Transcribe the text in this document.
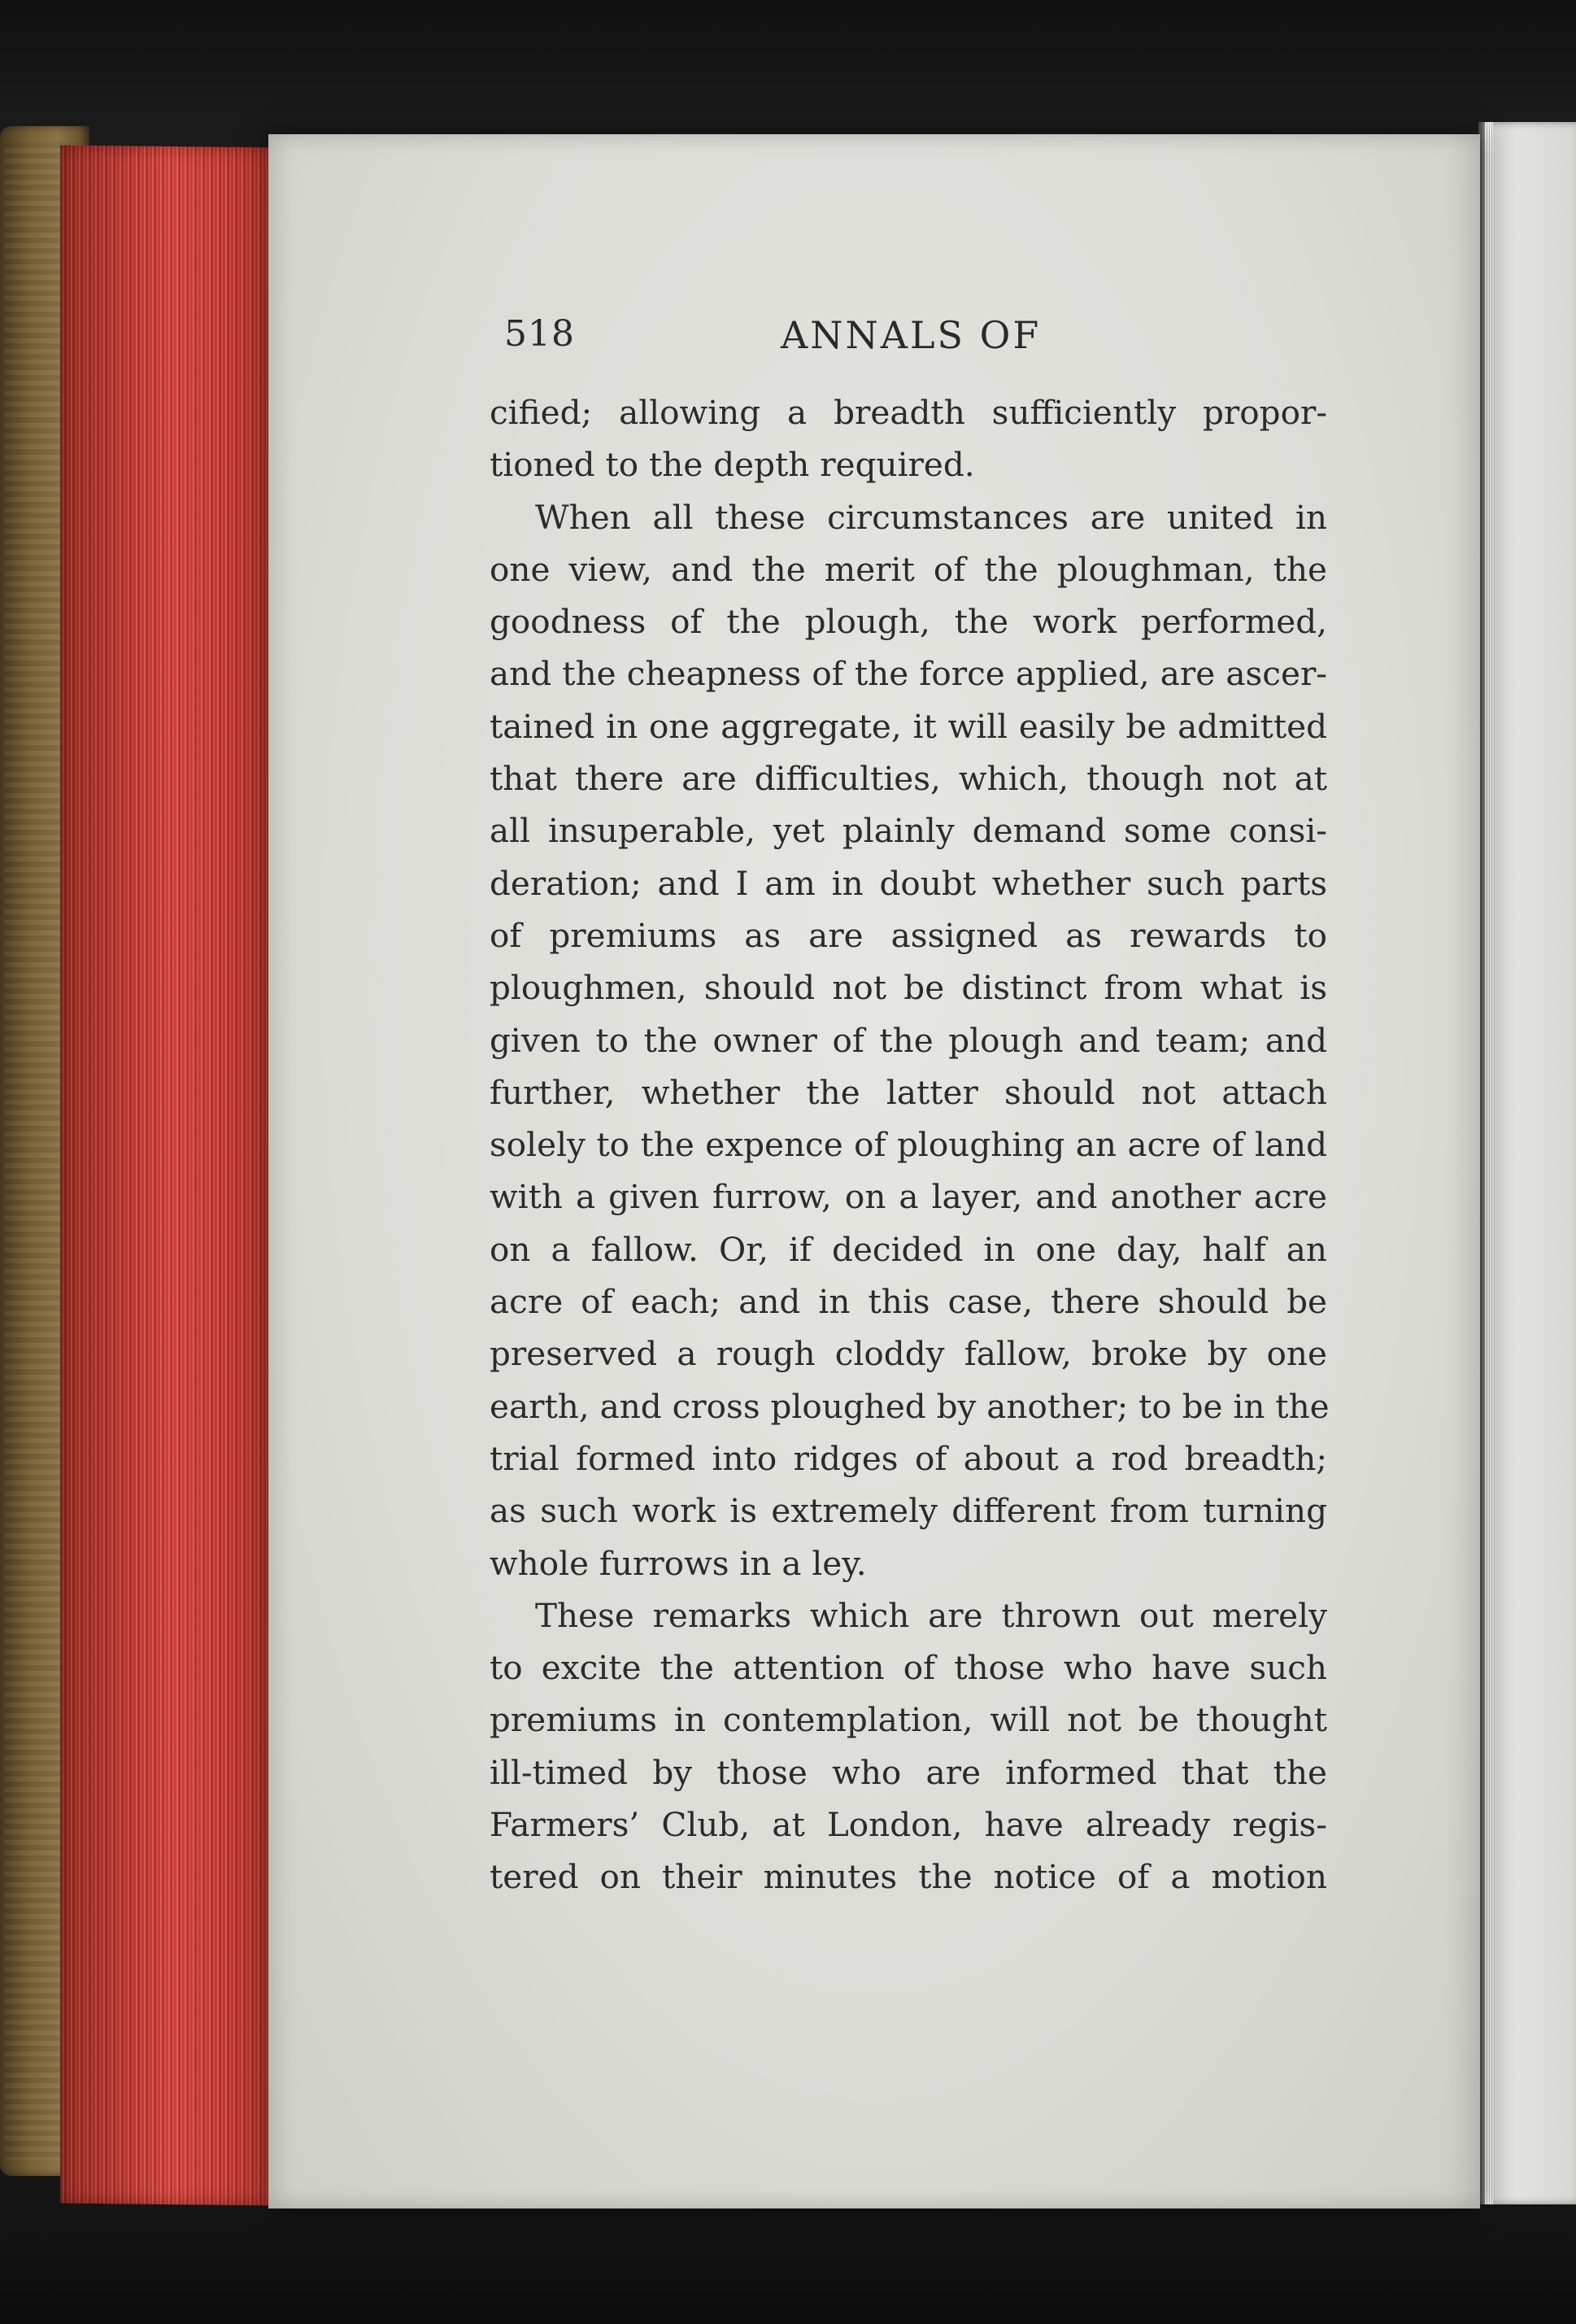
518	ANNALS OF
cified; allowing a breadth sufficiently propor-
tioned to the depth required.
When all these circumstances are united in
one view, and the merit of the ploughman, the
goodness of the plough, the work performed,
and the cheapness of the force applied, are ascer-
tained in one aggregate, it will easily be admitted
that there are difficulties, which, though not at
all insuperable, yet plainly demand some consi-
deration; and I am in doubt whether such parts
of premiums as are assigned as rewards to
ploughmen, should not be distinct from what is
given to the owner of the plough and team; and
further, whether the latter should not attach
solely to the expence of ploughing an acre of land
with a given furrow, on a layer, and another acre
on a fallow. Or, if decided in one day, half an
acre of each; and in this case, there should be
preserved a rough cloddy fallow, broke by one
earth, and cross ploughed by another; to be in the
trial formed into ridges of about a rod breadth;
as such work is extremely different from turning
whole furrows in a ley.
These remarks which are thrown out merely
to excite the attention of those who have such
premiums in contemplation, will not be thought
ill-timed by those who are informed that the
Farmers’ Club, at London, have already regis-
tered on their minutes the notice of a motion
